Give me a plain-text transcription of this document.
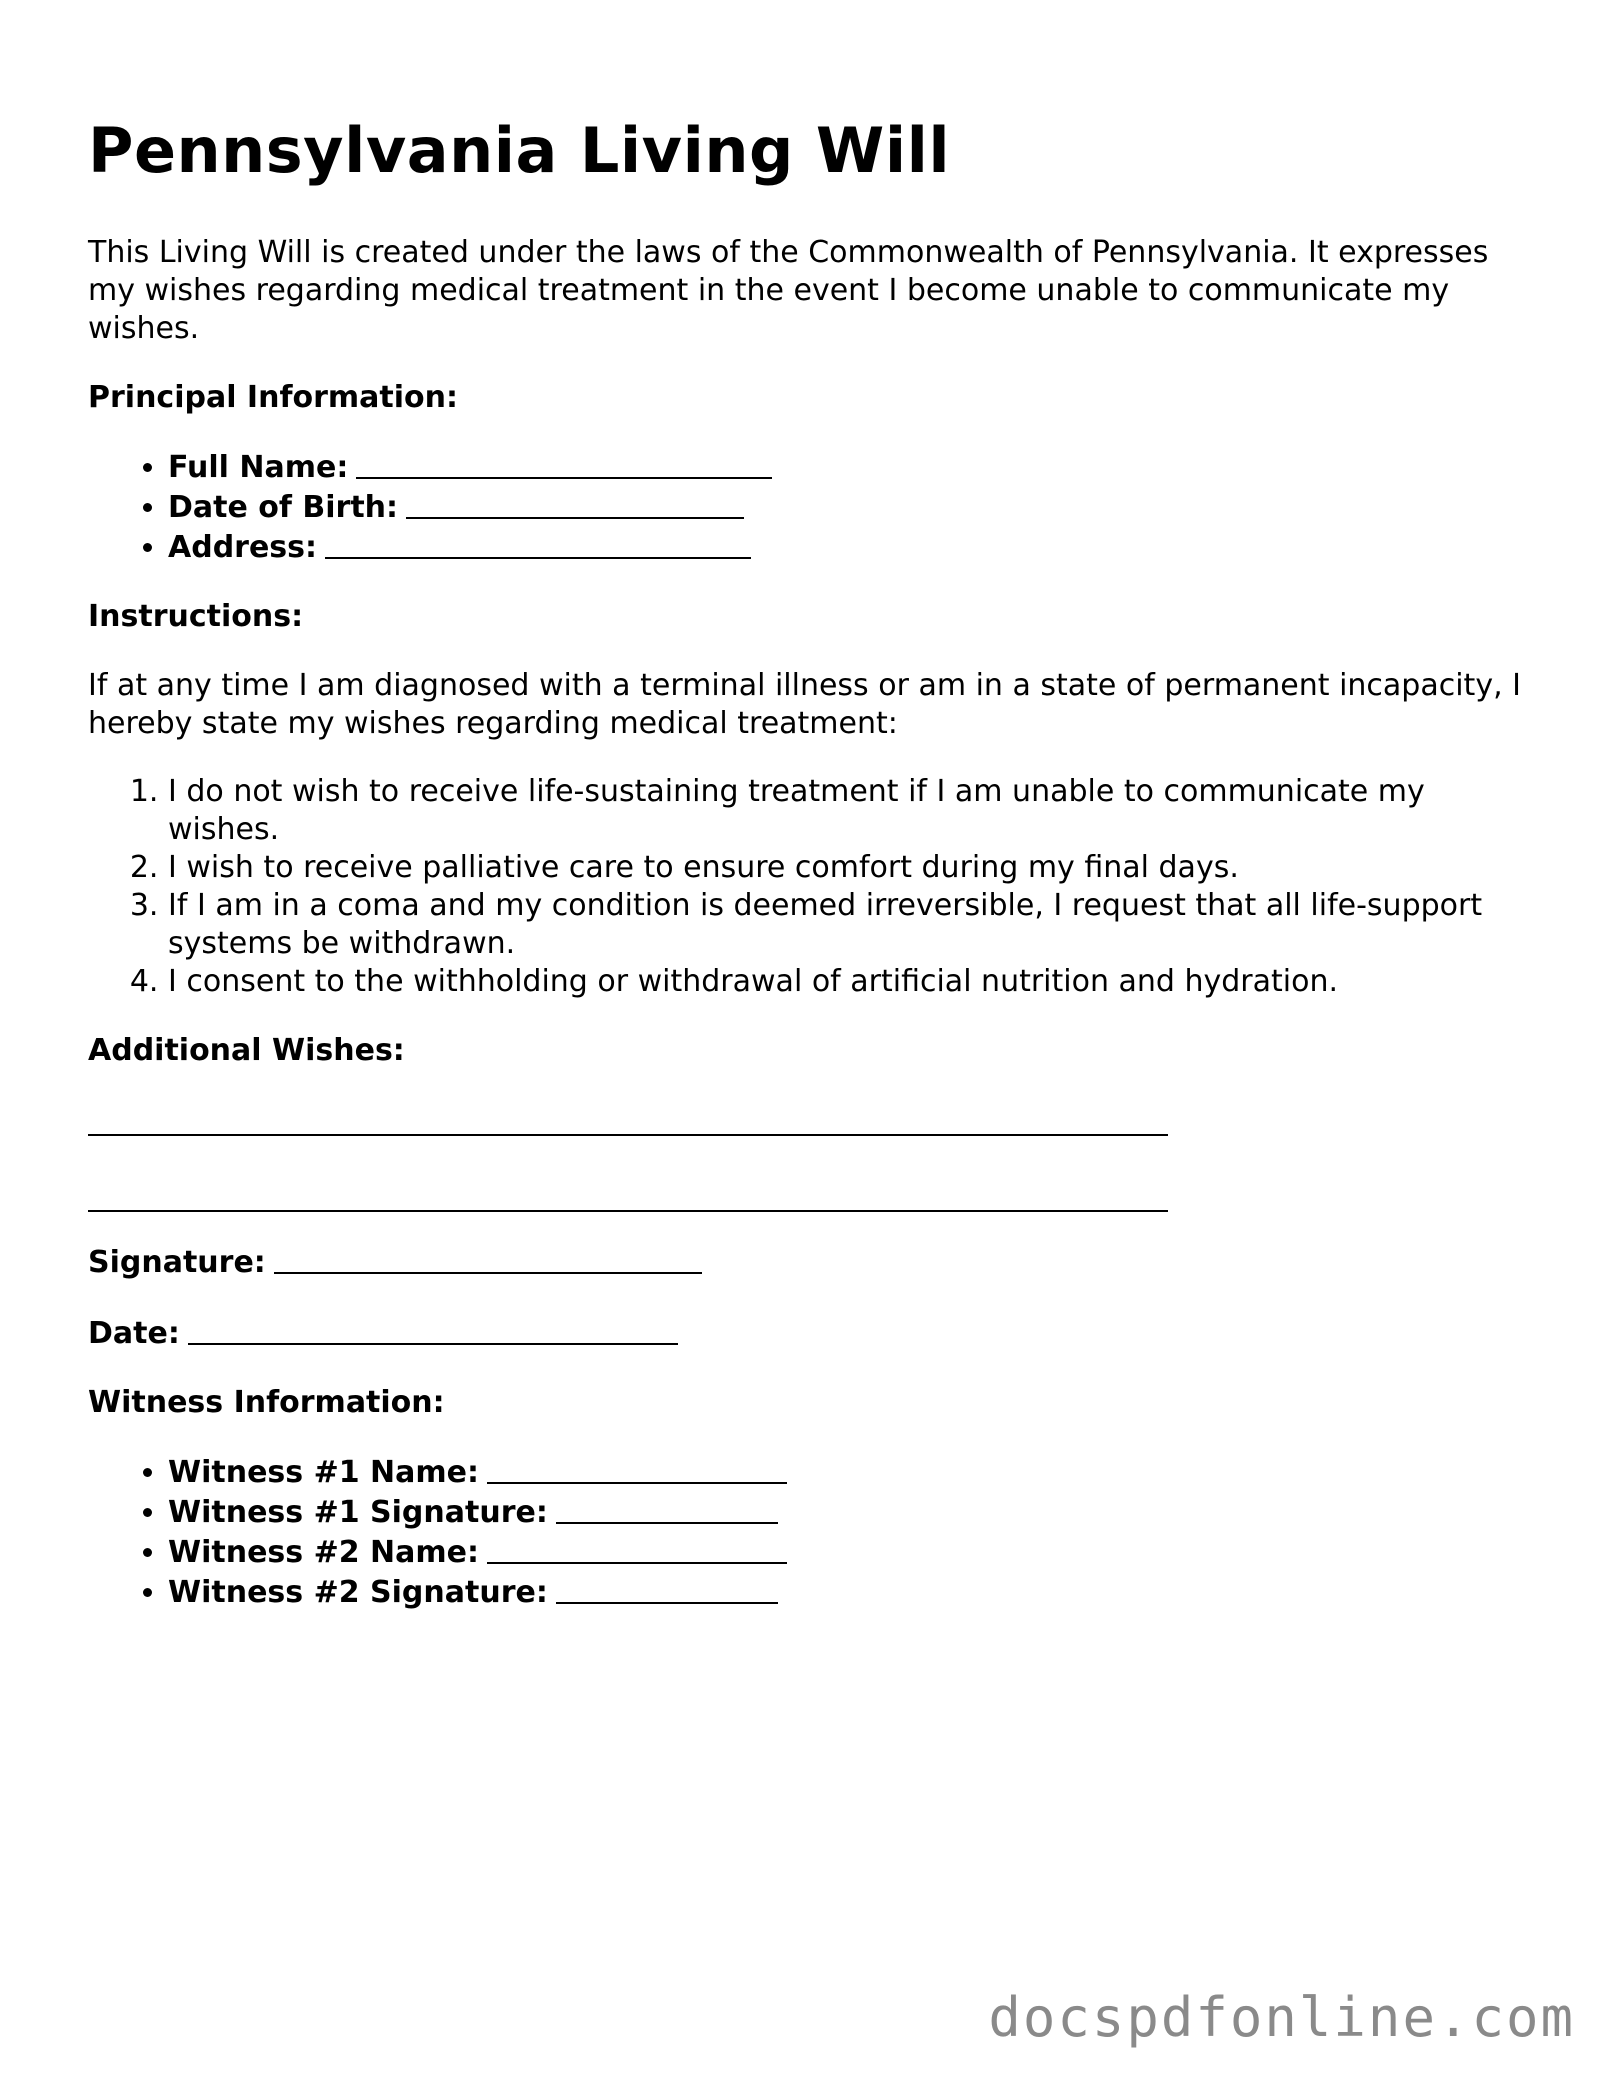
Pennsylvania Living Will

This Living Will is created under the laws of the Commonwealth of Pennsylvania. It expresses my wishes regarding medical treatment in the event I become unable to communicate my wishes.

Principal Information:

• Full Name:
• Date of Birth:
• Address:

Instructions:

If at any time I am diagnosed with a terminal illness or am in a state of permanent incapacity, I hereby state my wishes regarding medical treatment:

1. I do not wish to receive life-sustaining treatment if I am unable to communicate my wishes.
2. I wish to receive palliative care to ensure comfort during my final days.
3. If I am in a coma and my condition is deemed irreversible, I request that all life-support systems be withdrawn.
4. I consent to the withholding or withdrawal of artificial nutrition and hydration.

Additional Wishes:

Signature:

Date:

Witness Information:

• Witness #1 Name:
• Witness #1 Signature:
• Witness #2 Name:
• Witness #2 Signature:
docspdfonline.com
